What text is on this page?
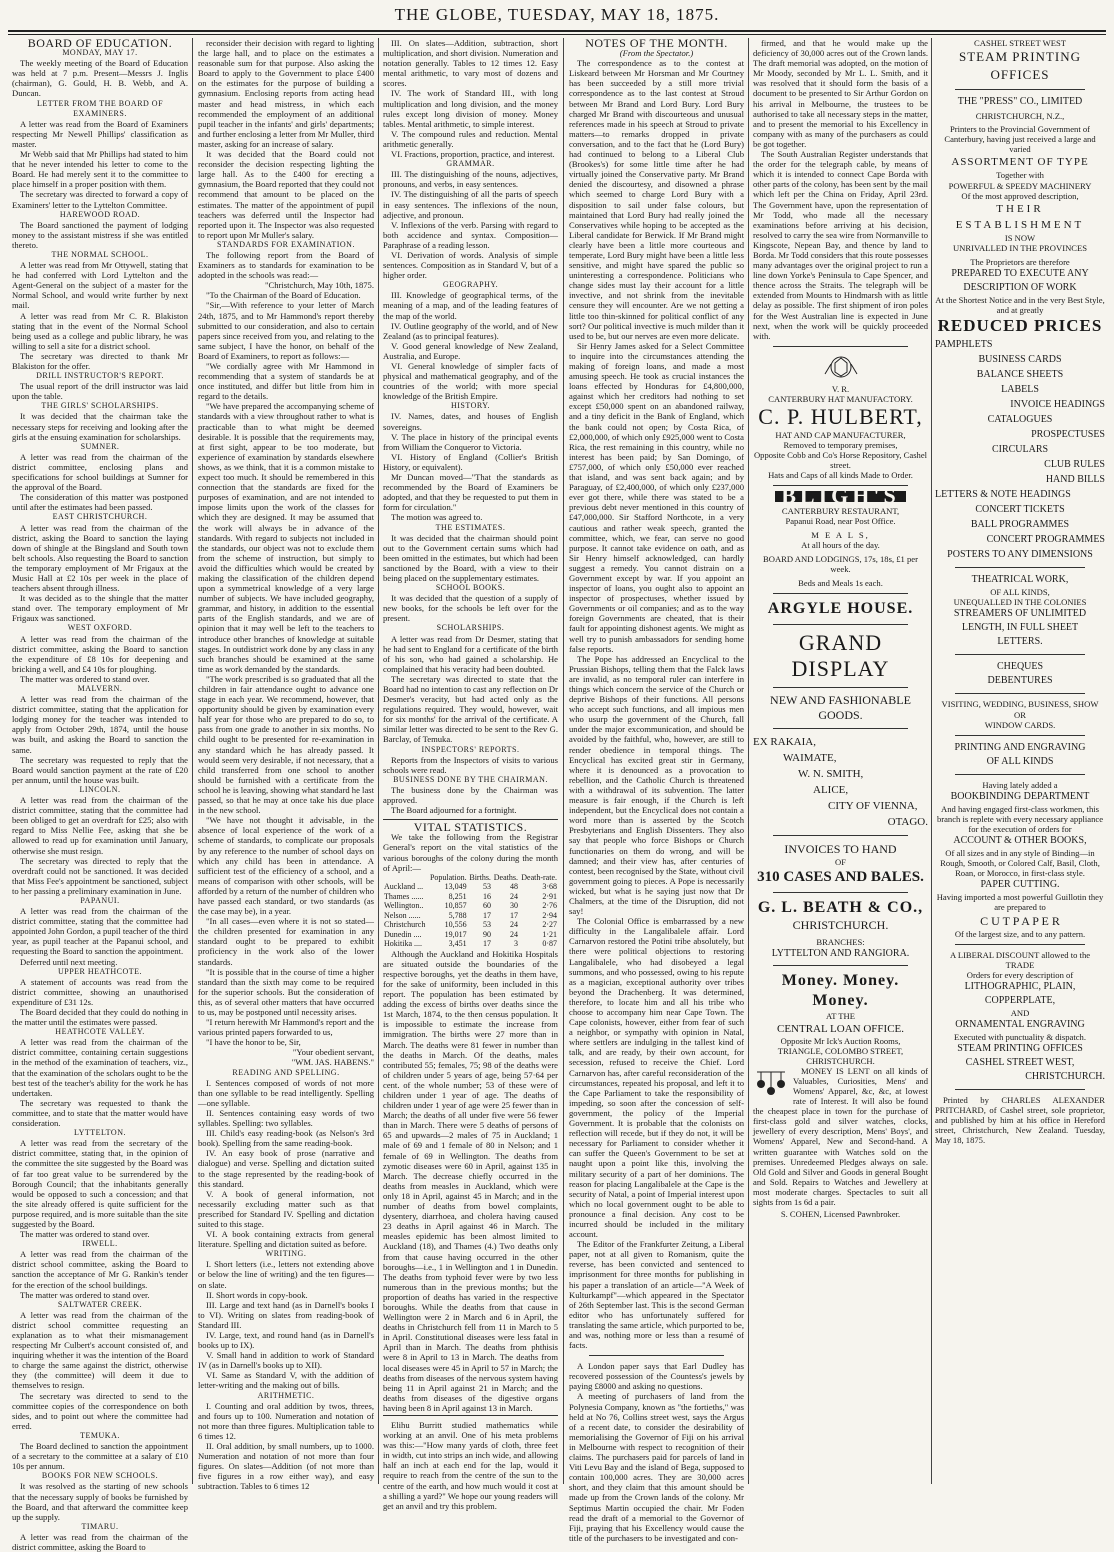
THE GLOBE, TUESDAY, MAY 18, 1875.

BOARD OF EDUCATION.

MONDAY, MAY 17.

The weekly meeting of the Board of Education was held at 7 p.m. Present—Messrs J. Inglis (chairman), G. Gould, H. B. Webb, and A. Duncan.

LETTER FROM THE BOARD OF EXAMINERS.

A letter was read from the Board of Examiners respecting Mr Newell Phillips' classification as master.

Mr Webb said that Mr Phillips had stated to him that he never intended his letter to come to the Board. He had merely sent it to the committee to place himself in a proper position with them.

The secretary was directed to forward a copy of Examiners' letter to the Lyttelton Committee.

HAREWOOD ROAD.

The Board sanctioned the payment of lodging money to the assistant mistress if she was entitled thereto.

THE NORMAL SCHOOL.

A letter was read from Mr Ottywell, stating that he had conferred with Lord Lyttelton and the Agent-General on the subject of a master for the Normal School, and would write further by next mail.

A letter was read from Mr C. R. Blakiston stating that in the event of the Normal School being used as a college and public library, he was willing to sell a site for a district school.

The secretary was directed to thank Mr Blakiston for the offer.

DRILL INSTRUCTOR'S REPORT.

The usual report of the drill instructor was laid upon the table.

THE GIRLS' SCHOLARSHIPS.

It was decided that the chairman take the necessary steps for receiving and looking after the girls at the ensuing examination for scholarships.

SUMNER.

A letter was read from the chairman of the district committee, enclosing plans and specifications for school buildings at Sumner for the approval of the Board.

The consideration of this matter was postponed until after the estimates had been passed.

EAST CHRISTCHURCH.

A letter was read from the chairman of the district, asking the Board to sanction the laying down of shingle at the Bingsland and South town belt schools. Also requesting the Board to sanction the temporary employment of Mr Frigaux at the Music Hall at £2 10s per week in the place of teachers absent through illness.

It was decided as to the shingle that the matter stand over. The temporary employment of Mr Frigaux was sanctioned.

WEST OXFORD.

A letter was read from the chairman of the district committee, asking the Board to sanction the expenditure of £8 10s for deepening and bricking a well, and £4 10s for ploughing.

The matter was ordered to stand over.

MALVERN.

A letter was read from the chairman of the district committee, stating that the application for lodging money for the teacher was intended to apply from October 29th, 1874, until the house was built, and asking the Board to sanction the same.

The secretary was requested to reply that the Board would sanction payment at the rate of £20 per annum, until the house was built.

LINCOLN.

A letter was read from the chairman of the district committee, stating that the committee had been obliged to get an overdraft for £25; also with regard to Miss Nellie Fee, asking that she be allowed to read up for examination until January, otherwise she must resign.

The secretary was directed to reply that the overdraft could not be sanctioned. It was decided that Miss Fee's appointment be sanctioned, subject to her passing a preliminary examination in June.

PAPANUI.

A letter was read from the chairman of the district committee, stating that the committee had appointed John Gordon, a pupil teacher of the third year, as pupil teacher at the Papanui school, and requesting the Board to sanction the appointment.

Deferred until next meeting.

UPPER HEATHCOTE.

A statement of accounts was read from the district committee, showing an unauthorised expenditure of £31 12s.

The Board decided that they could do nothing in the matter until the estimates were passed.

HEATHCOTE VALLEY.

A letter was read from the chairman of the district committee, containing certain suggestions in the method of the examination of teachers, viz., that the examination of the scholars ought to be the best test of the teacher's ability for the work he has undertaken.

The secretary was requested to thank the committee, and to state that the matter would have consideration.

LYTTELTON.

A letter was read from the secretary of the district committee, stating that, in the opinion of the committee the site suggested by the Board was of far too great value to be surrendered by the Borough Council; that the inhabitants generally would be opposed to such a concession; and that the site already offered is quite sufficient for the purpose required, and is more suitable than the site suggested by the Board.

The matter was ordered to stand over.

IRWELL.

A letter was read from the chairman of the district school committee, asking the Board to sanction the acceptance of Mr G. Rankin's tender for the erection of the school buildings.

The matter was ordered to stand over.

SALTWATER CREEK.

A letter was read from the chairman of the district school committee requesting an explanation as to what their mismanagement respecting Mr Culbert's account consisted of, and inquiring whether it was the intention of the Board to charge the same against the district, otherwise they (the committee) will deem it due to themselves to resign.

The secretary was directed to send to the committee copies of the correspondence on both sides, and to point out where the committee had erred.

TEMUKA.

The Board declined to sanction the appointment of a secretary to the committee at a salary of £10 10s per annum.

BOOKS FOR NEW SCHOOLS.

It was resolved as the starting of new schools that the necessary supply of books be furnished by the Board, and that afterward the committee keep up the supply.

TIMARU.

A letter was read from the chairman of the district committee, asking the Board to

reconsider their decision with regard to lighting the large hall, and to place on the estimates a reasonable sum for that purpose. Also asking the Board to apply to the Government to place £400 on the estimates for the purpose of building a gymnasium. Enclosing reports from acting head master and head mistress, in which each recommended the employment of an additional pupil teacher in the infants' and girls' departments; and further enclosing a letter from Mr Muller, third master, asking for an increase of salary.

It was decided that the Board could not reconsider the decision respecting lighting the large hall. As to the £400 for erecting a gymnasium, the Board reported that they could not recommend that amount to be placed on the estimates. The matter of the appointment of pupil teachers was deferred until the Inspector had reported upon it. The Inspector was also requested to report upon Mr Muller's salary.

STANDARDS FOR EXAMINATION.

The following report from the Board of Examiners as to standards for examination to be adopted in the schools was read:—

"Christchurch, May 10th, 1875.

"To the Chairman of the Board of Education.

"Sir,—With reference to your letter of March 24th, 1875, and to Mr Hammond's report thereby submitted to our consideration, and also to certain papers since received from you, and relating to the same subject, I have the honor, on behalf of the Board of Examiners, to report as follows:—

"We cordially agree with Mr Hammond in recommending that a system of standards be at once instituted, and differ but little from him in regard to the details.

"We have prepared the accompanying scheme of standards with a view throughout rather to what is practicable than to what might be deemed desirable. It is possible that the requirements may, at first sight, appear to be too moderate, but experience of examination by standards elsewhere shows, as we think, that it is a common mistake to expect too much. It should be remembered in this connection that the standards are fixed for the purposes of examination, and are not intended to impose limits upon the work of the classes for which they are designed. It may be assumed that the work will always be in advance of the standards. With regard to subjects not included in the standards, our object was not to exclude them from the scheme of instruction, but simply to avoid the difficulties which would be created by making the classification of the children depend upon a symmetrical knowledge of a very large number of subjects. We have included geography, grammar, and history, in addition to the essential parts of the English standards, and we are of opinion that it may well be left to the teachers to introduce other branches of knowledge at suitable stages. In outdistrict work done by any class in any such branches should be examined at the same time as work demanded by the standards.

"The work prescribed is so graduated that all the children in fair attendance ought to advance one stage in each year. We recommend, however, that opportunity should be given by examination every half year for those who are prepared to do so, to pass from one grade to another in six months. No child ought to be presented for re-examination in any standard which he has already passed. It would seem very desirable, if not necessary, that a child transferred from one school to another should be furnished with a certificate from the school he is leaving, showing what standard he last passed, so that he may at once take his due place in the new school.

"We have not thought it advisable, in the absence of local experience of the work of a scheme of standards, to complicate our proposals by any reference to the number of school days on which any child has been in attendance. A sufficient test of the efficiency of a school, and a means of comparison with other schools, will be afforded by a return of the number of children who have passed each standard, or two standards (as the case may be), in a year.

"In all cases—even where it is not so stated—the children presented for examination in any standard ought to be prepared to exhibit proficiency in the work also of the lower standards.

"It is possible that in the course of time a higher standard than the sixth may come to be required for the superior schools. But the consideration of this, as of several other matters that have occurred to us, may be postponed until necessity arises.

"I return herewith Mr Hammond's report and the various printed papers forwarded to us,

"I have the honor to be, Sir,

"Your obedient servant,

"WM. JAS. HABENS."

READING AND SPELLING.

I. Sentences composed of words of not more than one syllable to be read intelligently. Spelling—one syllable.

II. Sentences containing easy words of two syllables. Spelling: two syllables.

III. Child's easy reading-book (as Nelson's 3rd book). Spelling from the same reading-book.

IV. An easy book of prose (narrative and dialogue) and verse. Spelling and dictation suited to the stage represented by the reading-book of this standard.

V. A book of general information, not necessarily excluding matter such as that prescribed for Standard IV. Spelling and dictation suited to this stage.

VI. A book containing extracts from general literature. Spelling and dictation suited as before.

WRITING.

I. Short letters (i.e., letters not extending above or below the line of writing) and the ten figures—on slate.

II. Short words in copy-book.

III. Large and text hand (as in Darnell's books I to VI). Writing on slates from reading-book of Standard III.

IV. Large, text, and round hand (as in Darnell's books up to IX).

V. Small hand in addition to work of Standard IV (as in Darnell's books up to XII).

VI. Same as Standard V, with the addition of letter-writing and the making out of bills.

ARITHMETIC.

I. Counting and oral addition by twos, threes, and fours up to 100. Numeration and notation of not more than three figures. Multiplication table to 6 times 12.

II. Oral addition, by small numbers, up to 1000. Numeration and notation of not more than four figures. On slates—Addition (of not more than five figures in a row either way), and easy subtraction. Tables to 6 times 12

III. On slates—Addition, subtraction, short multiplication, and short division. Numeration and notation generally. Tables to 12 times 12. Easy mental arithmetic, to vary most of dozens and scores.

IV. The work of Standard III., with long multiplication and long division, and the money rules except long division of money. Money tables. Mental arithmetic, to simple interest.

V. The compound rules and reduction. Mental arithmetic generally.

VI. Fractions, proportion, practice, and interest.

GRAMMAR.

III. The distinguishing of the nouns, adjectives, pronouns, and verbs, in easy sentences.

IV. The distinguishing of all the parts of speech in easy sentences. The inflexions of the noun, adjective, and pronoun.

V. Inflexions of the verb. Parsing with regard to both accidence and syntax. Composition—Paraphrase of a reading lesson.

VI. Derivation of words. Analysis of simple sentences. Composition as in Standard V, but of a higher order.

GEOGRAPHY.

III. Knowledge of geographical terms, of the meaning of a map, and of the leading features of the map of the world.

IV. Outline geography of the world, and of New Zealand (as to principal features).

V. Good general knowledge of New Zealand, Australia, and Europe.

VI. General knowledge of simpler facts of physical and mathematical geography, and of the countries of the world; with more special knowledge of the British Empire.

HISTORY.

IV. Names, dates, and houses of English sovereigns.

V. The place in history of the principal events from William the Conqueror to Victoria.

VI. History of England (Collier's British History, or equivalent).

Mr Duncan moved—"That the standards as recommended by the Board of Examiners be adopted, and that they be requested to put them in form for circulation."

The motion was agreed to.

THE ESTIMATES.

It was decided that the chairman should point out to the Government certain sums which had been omitted in the estimates, but which had been sanctioned by the Board, with a view to their being placed on the supplementary estimates.

SCHOOL BOOKS.

It was decided that the question of a supply of new books, for the schools be left over for the present.

SCHOLARSHIPS.

A letter was read from Dr Desmer, stating that he had sent to England for a certificate of the birth of his son, who had gained a scholarship. He complained that his veracity had been doubted.

The secretary was directed to state that the Board had no intention to cast any reflection on Dr Desmer's veracity, but had acted only as the regulations required. They would, however, wait for six months' for the arrival of the certificate. A similar letter was directed to be sent to the Rev G. Barclay, of Temuka.

INSPECTORS' REPORTS.

Reports from the Inspectors of visits to various schools were read.

BUSINESS DONE BY THE CHAIRMAN.

The business done by the Chairman was approved.

The Board adjourned for a fortnight.

VITAL STATISTICS.

We take the following from the Registrar General's report on the vital statistics of the various boroughs of the colony during the month of April:—

	Population.	Births.	Deaths.	Death-rate.
Auckland ...	13,049	53	48	3·68
Thames ......	8,251	16	24	2·91
Wellington..	10,857	60	30	2·76
Nelson ......	5,788	17	17	2·94
Christchurch	10,556	53	24	2·27
Dunedin ....	19,017	90	24	1·21
Hokitika ....	3,451	17	3	0·87

Although the Auckland and Hokitika Hospitals are situated outside the boundaries of the respective boroughs, yet the deaths in them have, for the sake of uniformity, been included in this report. The population has been estimated by adding the excess of births over deaths since the 1st March, 1874, to the then census population. It is impossible to estimate the increase from immigration. The births were 27 more than in March. The deaths were 81 fewer in number than the deaths in March. Of the deaths, males contributed 55; females, 75; 98 of the deaths were of children under 5 years of age, being 57·64 per cent. of the whole number; 53 of these were of children under 1 year of age. The deaths of children under 1 year of age were 25 fewer than in March; the deaths of all under five were 56 fewer than in March. There were 5 deaths of persons of 65 and upwards—2 males of 75 in Auckland; 1 male of 69 and 1 female of 80 in Nelson; and 1 female of 69 in Wellington. The deaths from zymotic diseases were 60 in April, against 135 in March. The decrease chiefly occurred in the deaths from measles in Auckland, which were only 18 in April, against 45 in March; and in the number of deaths from bowel complaints, dysentery, diarrhoea, and cholera having caused 23 deaths in April against 46 in March. The measles epidemic has been almost limited to Auckland (18), and Thames (4.) Two deaths only from that cause having occurred in the other boroughs—i.e., 1 in Wellington and 1 in Dunedin. The deaths from typhoid fever were by two less numerous than in the previous months; but the proportion of deaths has varied in the respective boroughs. While the deaths from that cause in Wellington were 2 in March and 6 in April, the deaths in Christchurch fell from 11 in March to 5 in April. Constitutional diseases were less fatal in April than in March. The deaths from phthisis were 8 in April to 13 in March. The deaths from local diseases were 45 in April to 57 in March; the deaths from diseases of the nervous system having being 11 in April against 21 in March; and the deaths from diseases of the digestive organs having been 8 in April against 13 in March.

Elihu Burritt studied mathematics while working at an anvil. One of his meta problems was this:—"How many yards of cloth, three feet in width, cut into strips an inch wide, and allowing half an inch at each end for the lap, would it require to reach from the centre of the sun to the centre of the earth, and how much would it cost at a shilling a yard?" We hope our young readers will get an anvil and try this problem.

NOTES OF THE MONTH.

(From the Spectator.)

The correspondence as to the contest at Liskeard between Mr Horsman and Mr Courtney has been succeeded by a still more trivial correspondence as to the last contest at Stroud between Mr Brand and Lord Bury. Lord Bury charged Mr Brand with discourteous and unusual references made in his speech at Stroud to private matters—to remarks dropped in private conversation, and to the fact that he (Lord Bury) had continued to belong to a Liberal Club (Brookes's) for some little time after he had virtually joined the Conservative party. Mr Brand denied the discourtesy, and disowned a phrase which seemed to charge Lord Bury with a disposition to sail under false colours, but maintained that Lord Bury had really joined the Conservatives while hoping to be accepted as the Liberal candidate for Berwick. If Mr Brand might clearly have been a little more courteous and temperate, Lord Bury might have been a little less sensitive, and might have spared the public so uninteresting a correspondence. Politicians who change sides must lay their account for a little invective, and not shrink from the inevitable censure they will encounter. Are we not getting a little too thin-skinned for political conflict of any sort? Our political invective is much milder than it used to be, but our nerves are even more delicate.

Sir Henry James asked for a Select Committee to inquire into the circumstances attending the making of foreign loans, and made a most amusing speech. He took as crucial instances the loans effected by Honduras for £4,800,000, against which her creditors had nothing to set except £50,000 spent on an abandoned railway, and a tiny deficit in the Bank of England, which the bank could not open; by Costa Rica, of £2,000,000, of which only £925,000 went to Costa Rica, the rest remaining in this country, while no interest has been paid; by San Domingo, of £757,000, of which only £50,000 ever reached that island, and was sent back again; and by Paraguay, of £2,400,000, of which only £237,000 ever got there, while there was stated to be a previous debt never mentioned in this country of £47,000,000. Sir Stafford Northcote, in a very cautious and rather weak speech, granted the committee, which, we fear, can serve no good purpose. It cannot take evidence on oath, and as Sir Henry himself acknowledged, can hardly suggest a remedy. You cannot distrain on a Government except by war. If you appoint an inspector of loans, you ought also to appoint an inspector of prospectuses, whether issued by Governments or oil companies; and as to the way foreign Governments are cheated, that is their fault for appointing dishonest agents. We might as well try to punish ambassadors for sending home false reports.

The Pope has addressed an Encyclical to the Prussian Bishops, telling them that the Falck laws are invalid, as no temporal ruler can interfere in things which concern the service of the Church or deprive Bishops of their functions. All persons who accept such functions, and all impious men who usurp the government of the Church, fall under the major excommunication, and should be avoided by the faithful, who, however, are still to render obedience in temporal things. The Encyclical has excited great stir in Germany, where it is denounced as a provocation to rebellion, and the Catholic Church is threatened with a withdrawal of its subvention. The latter measure is fair enough, if the Church is left independent, but the Encyclical does not contain a word more than is asserted by the Scotch Presbyterians and English Dissenters. They also say that people who force Bishops or Church functionaries on them do wrong, and will be damned; and their view has, after centuries of contest, been recognised by the State, without civil government going to pieces. A Pope is necessarily wicked, but what is he saying just now that Dr Chalmers, at the time of the Disruption, did not say!

The Colonial Office is embarrassed by a new difficulty in the Langalibalele affair. Lord Carnarvon restored the Potini tribe absolutely, but there were political objections to restoring Langalibalele, who had disobeyed a legal summons, and who possessed, owing to his repute as a magician, exceptional authority over tribes beyond the Drachenberg. It was determined, therefore, to locate him and all his tribe who choose to accompany him near Cape Town. The Cape colonists, however, either from fear of such a neighbor, or sympathy with opinion in Natal, where settlers are indulging in the tallest kind of talk, and are ready, by their own account, for secession, refused to receive the Chief. Lord Carnarvon has, after careful reconsideration of the circumstances, repeated his proposal, and left it to the Cape Parliament to take the responsibility of impeding, so soon after the concession of self-government, the policy of the Imperial Government. It is probable that the colonists on reflection will recede, but if they do not, it will be necessary for Parliament to consider whether it can suffer the Queen's Government to be set at naught upon a point like this, involving the military security of a part of her dominions. The reason for placing Langalibalele at the Cape is the security of Natal, a point of Imperial interest upon which no local government ought to be able to pronounce a final decision. Any cost to be incurred should be included in the military account.

The Editor of the Frankfurter Zeitung, a Liberal paper, not at all given to Romanism, quite the reverse, has been convicted and sentenced to imprisonment for three months for publishing in his paper a translation of an article—"A Week of Kulturkampf"—which appeared in the Spectator of 26th September last. This is the second German editor who has unfortunately suffered for translating the same article, which purported to be, and was, nothing more or less than a resumé of facts.

A London paper says that Earl Dudley has recovered possession of the Countess's jewels by paying £8000 and asking no questions.

A meeting of purchasers of land from the Polynesia Company, known as "the fortieths," was held at No 76, Collins street west, says the Argus of a recent date, to consider the desirability of memorialising the Governor of Fiji on his arrival in Melbourne with respect to recognition of their claims. The purchasers paid for parcels of land in Viti Levu Bay and the island of Bega, supposed to contain 100,000 acres. They are 30,000 acres short, and they claim that this amount should be made up from the Crown lands of the colony. Mr Septimus Martin occupied the chair. Mr Foden read the draft of a memorial to the Governor of Fiji, praying that his Excellency would cause the title of the purchasers to be investigated and con-

firmed, and that he would make up the deficiency of 30,000 acres out of the Crown lands. The draft memorial was adopted, on the motion of Mr Moody, seconded by Mr L. L. Smith, and it was resolved that it should form the basis of a document to be presented to Sir Arthur Gordon on his arrival in Melbourne, the trustees to be authorised to take all necessary steps in the matter, and to present the memorial to his Excellency in company with as many of the purchasers as could be got together.

The South Australian Register understands that the order for the telegraph cable, by means of which it is intended to connect Cape Borda with other parts of the colony, has been sent by the mail which left per the China on Friday, April 23rd. The Government have, upon the representation of Mr Todd, who made all the necessary examinations before arriving at his decision, resolved to carry the sea wire from Normanville to Kingscote, Nepean Bay, and thence by land to Borda. Mr Todd considers that this route possesses many advantages over the original project to run a line down Yorke's Peninsula to Cape Spencer, and thence across the Straits. The telegraph will be extended from Mounts to Hindmarsh with as little delay as possible. The first shipment of iron poles for the West Australian line is expected in June next, when the work will be quickly proceeded with.

V. R.

CANTERBURY HAT MANUFACTORY.

C. P. HULBERT,

HAT AND CAP MANUFACTURER,

Removed to temporary premises,

Opposite Cobb and Co's Horse Repository, Cashel street.

Hats and Caps of all kinds Made to Order.

BLIGH'S

CANTERBURY RESTAURANT,

Papanui Road, near Post Office.

M E A L S,

At all hours of the day.

BOARD AND LODGINGS, 17s, 18s, £1 per week.

Beds and Meals 1s each.

ARGYLE HOUSE.

GRAND DISPLAY

NEW AND FASHIONABLE

GOODS.

EX RAKAIA,

WAIMATE,

W. N. SMITH,

ALICE,

CITY OF VIENNA,

OTAGO.

INVOICES TO HAND

OF

310 CASES AND BALES.

G. L. BEATH & CO.,

CHRISTCHURCH.

BRANCHES:

LYTTELTON AND RANGIORA.

Money. Money. Money.

AT THE

CENTRAL LOAN OFFICE.

Opposite Mr Ick's Auction Rooms,

TRIANGLE, COLOMBO STREET, CHRISTCHURCH.

MONEY IS LENT on all kinds of Valuables, Curiosities, Mens' and Womens' Apparel, &c, &c, at lowest rate of Interest. It will also be found the cheapest place in town for the purchase of first-class gold and silver watches, clocks, jewellery of every description, Mens' Boys', and Womens' Apparel, New and Second-hand. A written guarantee with Watches sold on the premises. Unredeemed Pledges always on sale. Old Gold and Silver and Goods in general Bought and Sold. Repairs to Watches and Jewellery at most moderate charges. Spectacles to suit all sights from 1s 6d a pair.

S. COHEN, Licensed Pawnbroker.

CASHEL STREET WEST

STEAM PRINTING OFFICES

THE "PRESS" CO., LIMITED

CHRISTCHURCH, N.Z.,

Printers to the Provincial Government of Canterbury, having just received a large and varied

ASSORTMENT OF TYPE

Together with

POWERFUL & SPEEDY MACHINERY

Of the most approved description,

THEIR ESTABLISHMENT

IS NOW

UNRIVALLED IN THE PROVINCES

The Proprietors are therefore

PREPARED TO EXECUTE ANY

DESCRIPTION OF WORK

At the Shortest Notice and in the very Best Style, and at greatly

REDUCED PRICES

PAMPHLETS

BUSINESS CARDS

BALANCE SHEETS

LABELS

INVOICE HEADINGS

CATALOGUES

PROSPECTUSES

CIRCULARS

CLUB RULES

HAND BILLS

LETTERS & NOTE HEADINGS

CONCERT TICKETS

BALL PROGRAMMES

CONCERT PROGRAMMES

POSTERS TO ANY DIMENSIONS

THEATRICAL WORK,

OF ALL KINDS,

UNEQUALLED IN THE COLONIES

STREAMERS OF UNLIMITED

LENGTH, IN FULL SHEET

LETTERS.

CHEQUES

DEBENTURES

VISITING, WEDDING, BUSINESS, SHOW

OR

WINDOW CARDS.

PRINTING AND ENGRAVING

OF ALL KINDS

Having lately added a

BOOKBINDING DEPARTMENT

And having engaged first-class workmen, this branch is replete with every necessary appliance for the execution of orders for

ACCOUNT & OTHER BOOKS,

Of all sizes and in any style of Binding—in Rough, Smooth, or Colored Calf, Basil, Cloth, Roan, or Morocco, in first-class style.

PAPER CUTTING.

Having imported a most powerful Guillotin they are prepared to

C U T P A P E R

Of the largest size, and to any pattern.

A LIBERAL DISCOUNT allowed to the TRADE

Orders for every description of

LITHOGRAPHIC, PLAIN,

COPPERPLATE,

AND

ORNAMENTAL ENGRAVING

Executed with punctuality & dispatch.

STEAM PRINTING OFFICES

CASHEL STREET WEST,

CHRISTCHURCH.

Printed by CHARLES ALEXANDER PRITCHARD, of Cashel street, sole proprietor, and published by him at his office in Hereford street, Christchurch, New Zealand. Tuesday, May 18, 1875.
